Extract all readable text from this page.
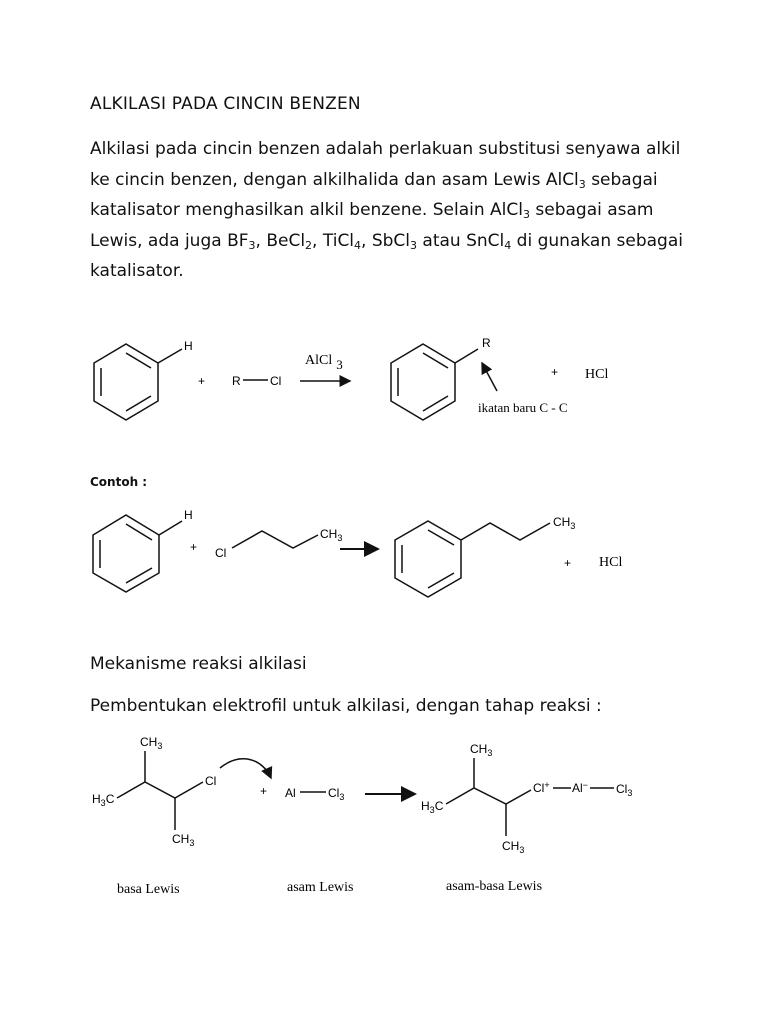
ALKILASI PADA CINCIN BENZEN

Alkilasi pada cincin benzen adalah perlakuan substitusi senyawa alkil ke cincin benzen, dengan alkilhalida dan asam Lewis AlCl$_3$ sebagai katalisator menghasilkan alkil benzene. Selain AlCl$_3$ sebagai asam Lewis, ada juga $BF_3$, BeCl$_2$, TiCl$_4$, SbCl$_3$ atau SnCl$_4$ di gunakan sebagai katalisator.

H
+ R Cl
AlCl 3
R
+ HCl
ikatan baru C - C
Contoh :
H
+ Cl
$CH_3$
$CH_3$
+ HCl
Mekanisme reaksi alkilasi
Pembentukan elektrofil untuk alkilasi, dengan tahap reaksi :
$CH_3$
$H_3C$
Cl
$CH_3$
+ Al	$Cl_3$
$CH_3$
$H_3C$
Cl+ Al− $Cl_3$
$CH_3$
basa Lewis	asam Lewis	asam-basa Lewis
